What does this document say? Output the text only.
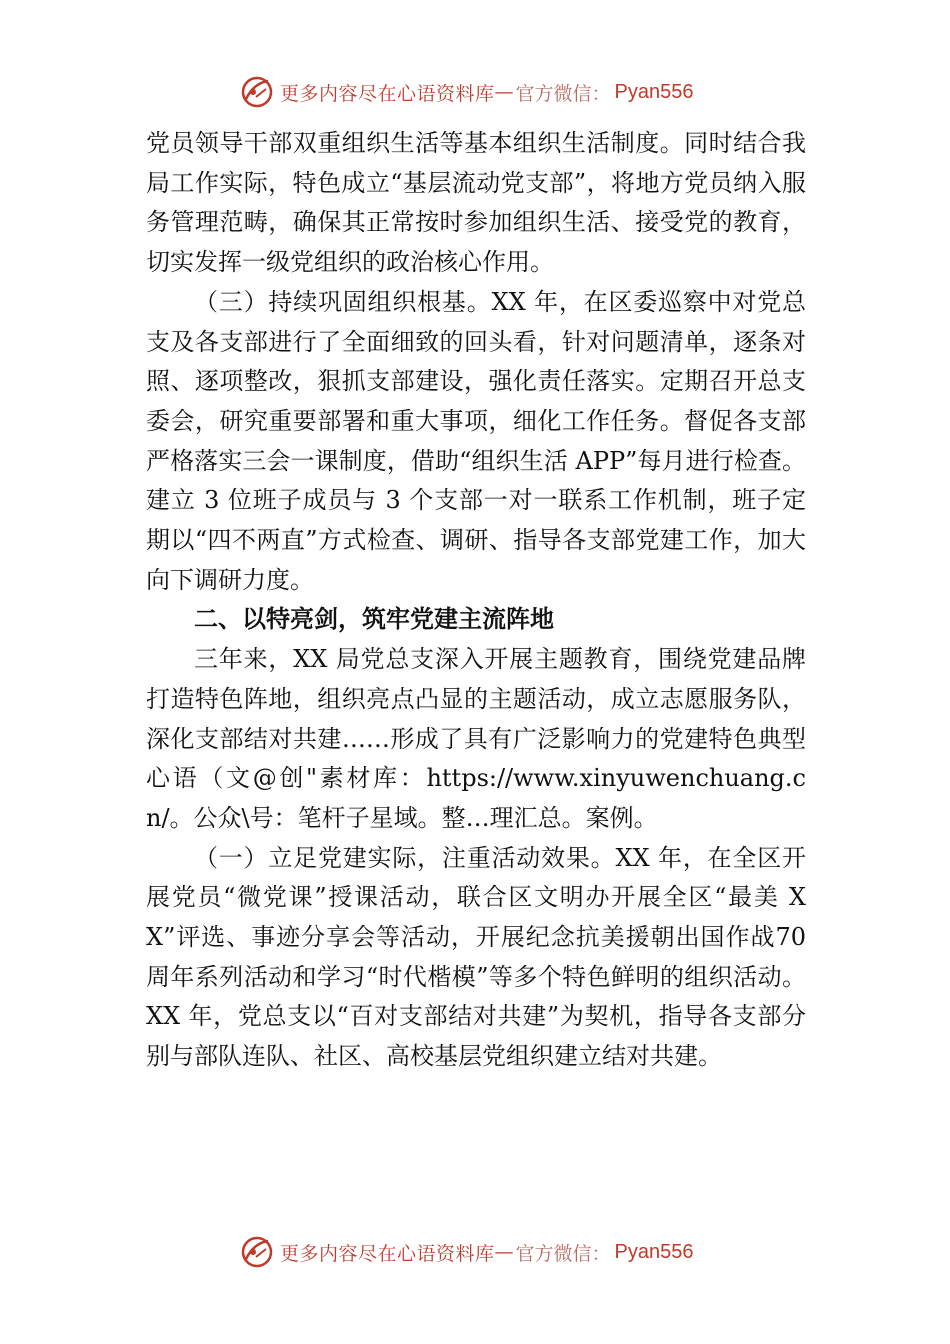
更多内容尽在心语资料库 — 官方微信： Pyan556

党员领导干部双重组织生活等基本组织生活制度。同时结合我局工作实际，特色成立“基层流动党支部”，将地方党员纳入服务管理范畴，确保其正常按时参加组织生活、接受党的教育，切实发挥一级党组织的政治核心作用。

（三）持续巩固组织根基。XX 年，在区委巡察中对党总支及各支部进行了全面细致的回头看，针对问题清单，逐条对照、逐项整改，狠抓支部建设，强化责任落实。定期召开总支委会，研究重要部署和重大事项，细化工作任务。督促各支部严格落实三会一课制度，借助“组织生活 APP”每月进行检查。建立 3 位班子成员与 3 个支部一对一联系工作机制，班子定期以“四不两直”方式检查、调研、指导各支部党建工作，加大向下调研力度。

二、以特亮剑，筑牢党建主流阵地

三年来，XX 局党总支深入开展主题教育，围绕党建品牌打造特色阵地，组织亮点凸显的主题活动，成立志愿服务队， 深化支部结对共建……形成了具有广泛影响力的党建特色典型心语（文@创"素材库：https://www.xinyuwenchuang.cn/。公众\号：笔杆子星域。整…理汇总。案例。

（一）立足党建实际，注重活动效果。XX 年，在全区开展党员“微党课”授课活动，联合区文明办开展全区“最美 XX”评选、事迹分享会等活动，开展纪念抗美援朝出国作战70 周年系列活动和学习“时代楷模”等多个特色鲜明的组织活动。XX 年，党总支以“百对支部结对共建”为契机，指导各支部分别与部队连队、社区、高校基层党组织建立结对共建。

更多内容尽在心语资料库 — 官方微信： Pyan556
